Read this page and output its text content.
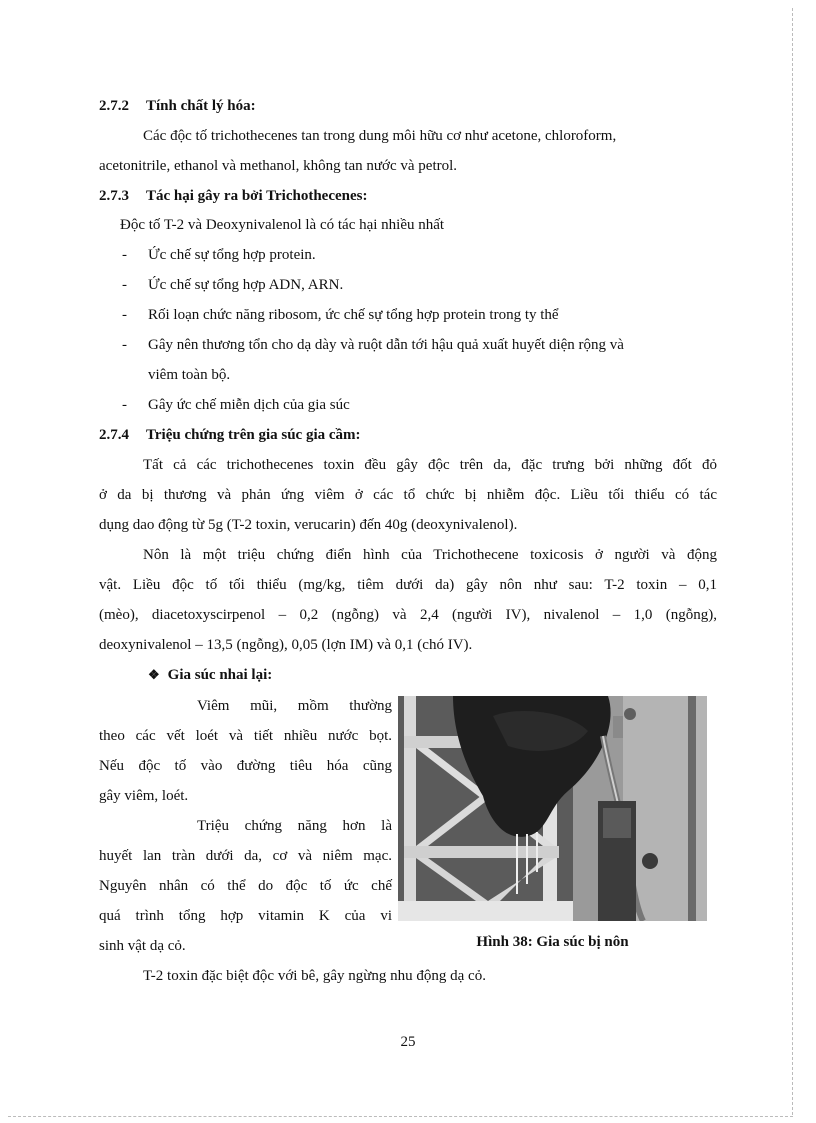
2.7.2 Tính chất lý hóa:
Các độc tố trichothecenes tan trong dung môi hữu cơ như acetone, chloroform,
acetonitrile, ethanol và methanol, không tan nước và petrol.
2.7.3 Tác hại gây ra bởi Trichothecenes:
Độc tố T-2 và Deoxynivalenol là có tác hại nhiều nhất
- Ức chế sự tổng hợp protein.
- Ức chế sự tổng hợp ADN, ARN.
- Rối loạn chức năng ribosom, ức chế sự tổng hợp protein trong ty thể
- Gây nên thương tổn cho dạ dày và ruột dẫn tới hậu quả xuất huyết diện rộng và
viêm toàn bộ.
- Gây ức chế miễn dịch của gia súc
2.7.4 Triệu chứng trên gia súc gia cầm:
Tất cả các trichothecenes toxin đều gây độc trên da, đặc trưng bởi những đốt đỏ
ở da bị thương và phản ứng viêm ở các tổ chức bị nhiễm độc. Liều tối thiểu có tác
dụng dao động từ 5g (T-2 toxin, verucarin) đến 40g (deoxynivalenol).
Nôn là một triệu chứng điển hình của Trichothecene toxicosis ở người và động
vật. Liều độc tố tối thiểu (mg/kg, tiêm dưới da) gây nôn như sau: T-2 toxin – 0,1
(mèo), diacetoxyscirpenol – 0,2 (ngỗng) và 2,4 (người IV), nivalenol – 1,0 (ngỗng),
deoxynivalenol – 13,5 (ngỗng), 0,05 (lợn IM) và 0,1 (chó IV).
❖ Gia súc nhai lại:
Viêm mũi, mồm thường
theo các vết loét và tiết nhiều nước bọt.
Nếu độc tố vào đường tiêu hóa cũng
gây viêm, loét.
Triệu chứng năng hơn là
huyết lan tràn dưới da, cơ và niêm mạc.
Nguyên nhân có thể do độc tố ức chế
quá trình tổng hợp vitamin K của vi
sinh vật dạ cỏ.	Hình 38: Gia súc bị nôn
T-2 toxin đặc biệt độc với bê, gây ngừng nhu động dạ cỏ.
25
